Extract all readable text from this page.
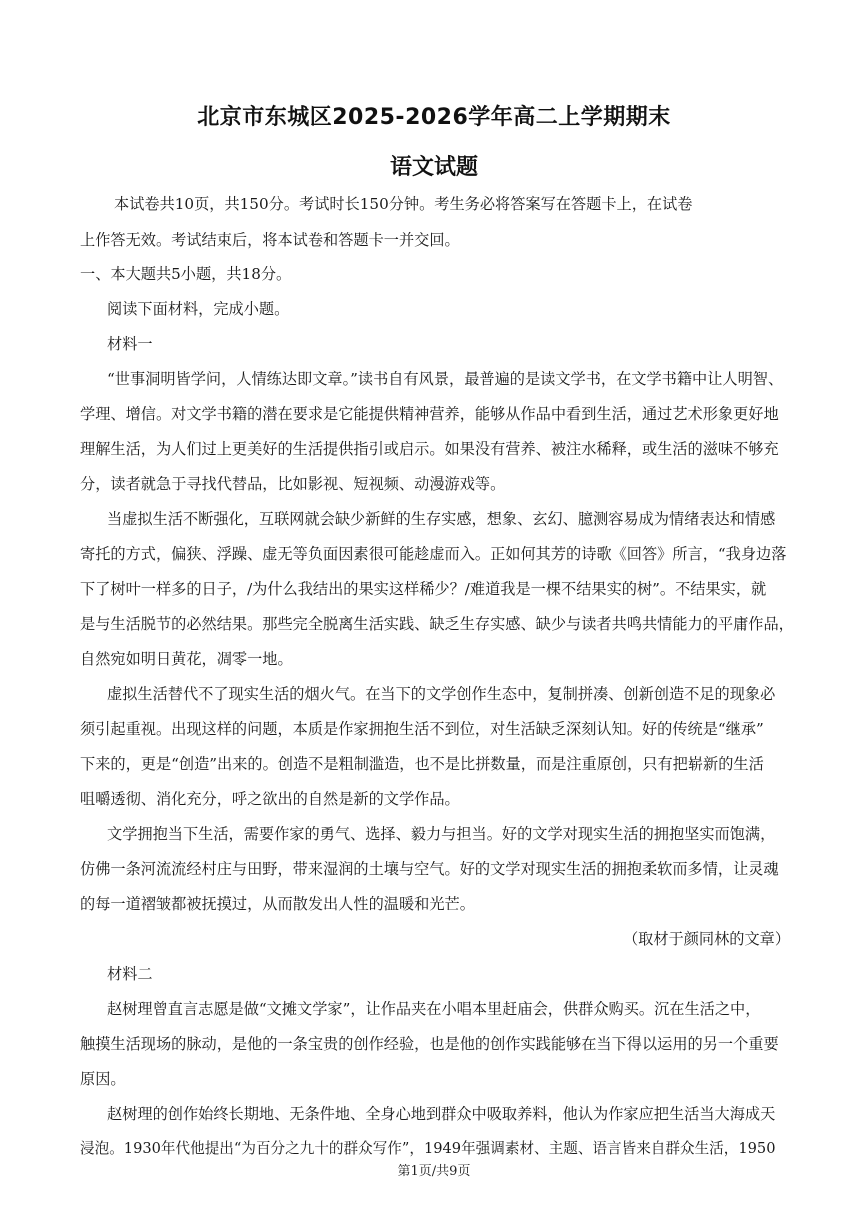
北京市东城区2025-2026学年高二上学期期末
语文试题
本试卷共10页，共150分。考试时长150分钟。考生务必将答案写在答题卡上，在试卷
上作答无效。考试结束后，将本试卷和答题卡一并交回。
一、本大题共5小题，共18分。
阅读下面材料，完成小题。
材料一
“世事洞明皆学问，人情练达即文章。”读书自有风景，最普遍的是读文学书，在文学书籍中让人明智、
学理、增信。对文学书籍的潜在要求是它能提供精神营养，能够从作品中看到生活，通过艺术形象更好地
理解生活，为人们过上更美好的生活提供指引或启示。如果没有营养、被注水稀释，或生活的滋味不够充
分，读者就急于寻找代替品，比如影视、短视频、动漫游戏等。
当虚拟生活不断强化，互联网就会缺少新鲜的生存实感，想象、玄幻、臆测容易成为情绪表达和情感
寄托的方式，偏狭、浮躁、虚无等负面因素很可能趁虚而入。正如何其芳的诗歌《回答》所言，“我身边落
下了树叶一样多的日子，/为什么我结出的果实这样稀少？/难道我是一棵不结果实的树”。不结果实，就
是与生活脱节的必然结果。那些完全脱离生活实践、缺乏生存实感、缺少与读者共鸣共情能力的平庸作品，
自然宛如明日黄花，凋零一地。
虚拟生活替代不了现实生活的烟火气。在当下的文学创作生态中，复制拼凑、创新创造不足的现象必
须引起重视。出现这样的问题，本质是作家拥抱生活不到位，对生活缺乏深刻认知。好的传统是“继承”
下来的，更是“创造”出来的。创造不是粗制滥造，也不是比拼数量，而是注重原创，只有把崭新的生活
咀嚼透彻、消化充分，呼之欲出的自然是新的文学作品。
文学拥抱当下生活，需要作家的勇气、选择、毅力与担当。好的文学对现实生活的拥抱坚实而饱满，
仿佛一条河流流经村庄与田野，带来湿润的土壤与空气。好的文学对现实生活的拥抱柔软而多情，让灵魂
的每一道褶皱都被抚摸过，从而散发出人性的温暖和光芒。
（取材于颜同林的文章）
材料二
赵树理曾直言志愿是做“文摊文学家”，让作品夹在小唱本里赶庙会，供群众购买。沉在生活之中，
触摸生活现场的脉动，是他的一条宝贵的创作经验，也是他的创作实践能够在当下得以运用的另一个重要
原因。
赵树理的创作始终长期地、无条件地、全身心地到群众中吸取养料，他认为作家应把生活当大海成天
浸泡。1930年代他提出“为百分之九十的群众写作”，1949年强调素材、主题、语言皆来自群众生活，1950
第1页/共9页
